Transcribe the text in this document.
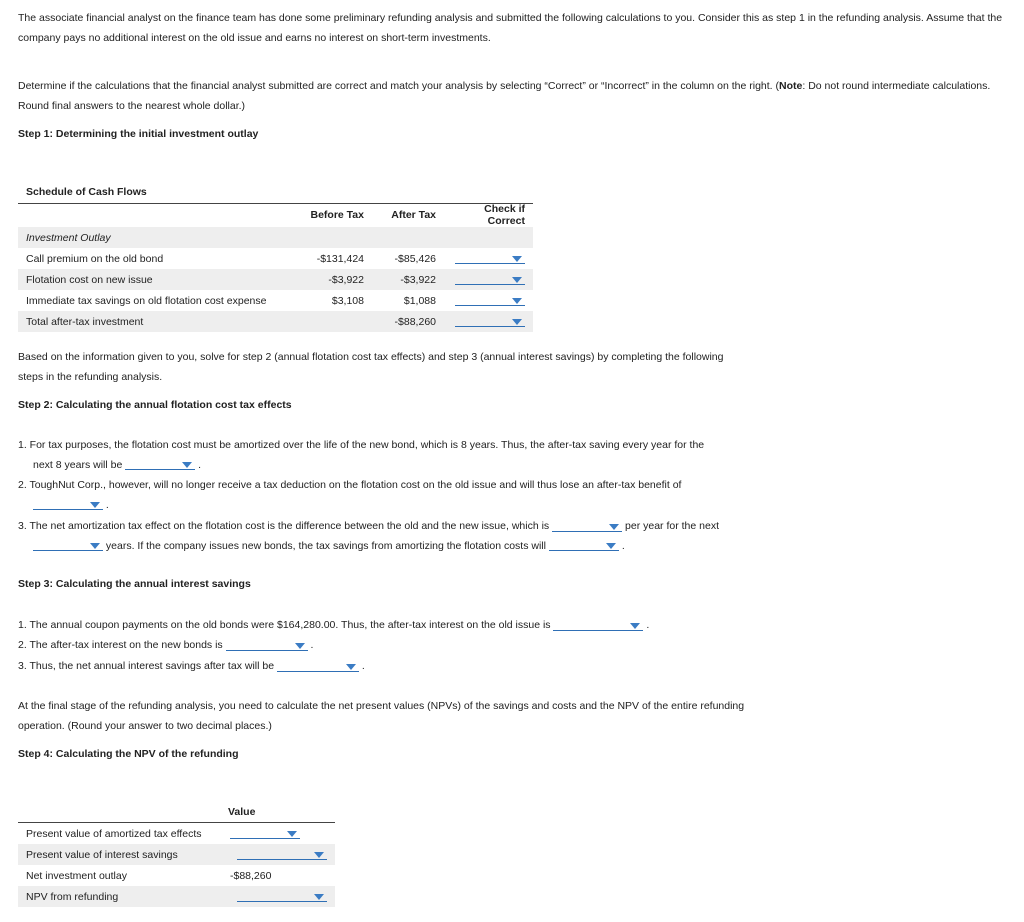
The associate financial analyst on the finance team has done some preliminary refunding analysis and submitted the following calculations to you. Consider this as step 1 in the refunding analysis. Assume that the company pays no additional interest on the old issue and earns no interest on short-term investments.
Determine if the calculations that the financial analyst submitted are correct and match your analysis by selecting “Correct” or “Incorrect” in the column on the right. (Note: Do not round intermediate calculations. Round final answers to the nearest whole dollar.)
Step 1: Determining the initial investment outlay
Schedule of Cash Flows
	Before Tax	After Tax	Check if Correct
Investment Outlay			
Call premium on the old bond	-$131,424	-$85,426	

Flotation cost on new issue	-$3,922	-$3,922	

Immediate tax savings on old flotation cost expense	$3,108	$1,088	

Total after-tax investment		-$88,260	
Based on the information given to you, solve for step 2 (annual flotation cost tax effects) and step 3 (annual interest savings) by completing the following steps in the refunding analysis.
Step 2: Calculating the annual flotation cost tax effects
1. For tax purposes, the flotation cost must be amortized over the life of the new bond, which is 8 years. Thus, the after-tax saving every year for the
next 8 years will be	.
2. ToughNut Corp., however, will no longer receive a tax deduction on the flotation cost on the old issue and will thus lose an after-tax benefit of

.
3. The net amortization tax effect on the flotation cost is the difference between the old and the new issue, which is	per year for the next

years. If the company issues new bonds, the tax savings from amortizing the flotation costs will	.
Step 3: Calculating the annual interest savings
1. The annual coupon payments on the old bonds were $164,280.00. Thus, the after-tax interest on the old issue is	.
2. The after-tax interest on the new bonds is	.
3. Thus, the net annual interest savings after tax will be	.
At the final stage of the refunding analysis, you need to calculate the net present values (NPVs) of the savings and costs and the NPV of the entire refunding operation. (Round your answer to two decimal places.)
Step 4: Calculating the NPV of the refunding
Value
Present value of amortized tax effects	

Present value of interest savings	

Net investment outlay	-$88,260
NPV from refunding	
